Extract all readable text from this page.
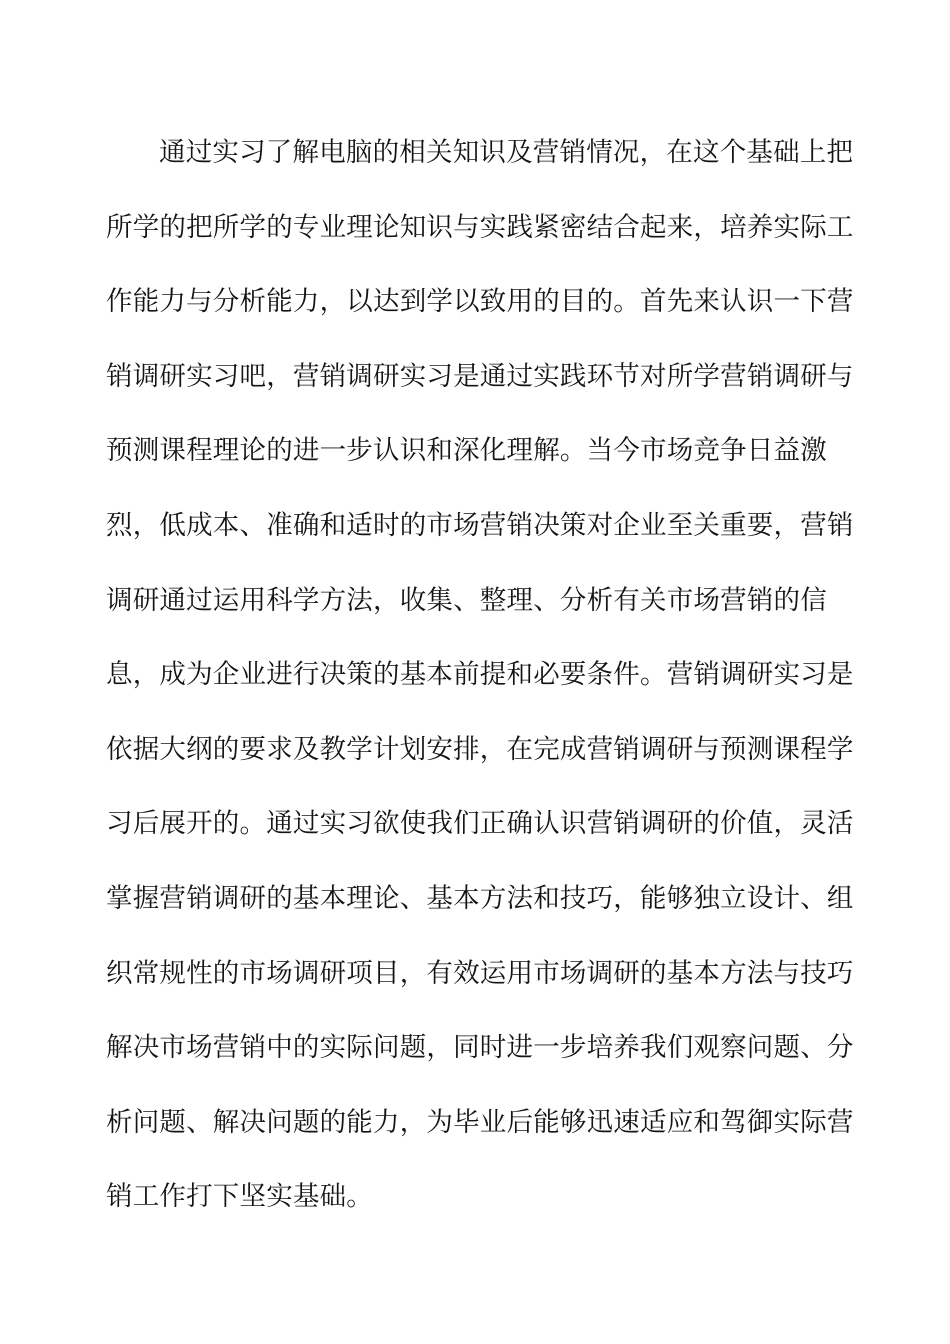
通过实习了解电脑的相关知识及营销情况，在这个基础上把
所学的把所学的专业理论知识与实践紧密结合起来，培养实际工
作能力与分析能力，以达到学以致用的目的。首先来认识一下营
销调研实习吧，营销调研实习是通过实践环节对所学营销调研与
预测课程理论的进一步认识和深化理解。当今市场竞争日益激
烈，低成本、准确和适时的市场营销决策对企业至关重要，营销
调研通过运用科学方法，收集、整理、分析有关市场营销的信
息，成为企业进行决策的基本前提和必要条件。营销调研实习是
依据大纲的要求及教学计划安排，在完成营销调研与预测课程学
习后展开的。通过实习欲使我们正确认识营销调研的价值，灵活
掌握营销调研的基本理论、基本方法和技巧，能够独立设计、组
织常规性的市场调研项目，有效运用市场调研的基本方法与技巧
解决市场营销中的实际问题，同时进一步培养我们观察问题、分
析问题、解决问题的能力，为毕业后能够迅速适应和驾御实际营
销工作打下坚实基础。
